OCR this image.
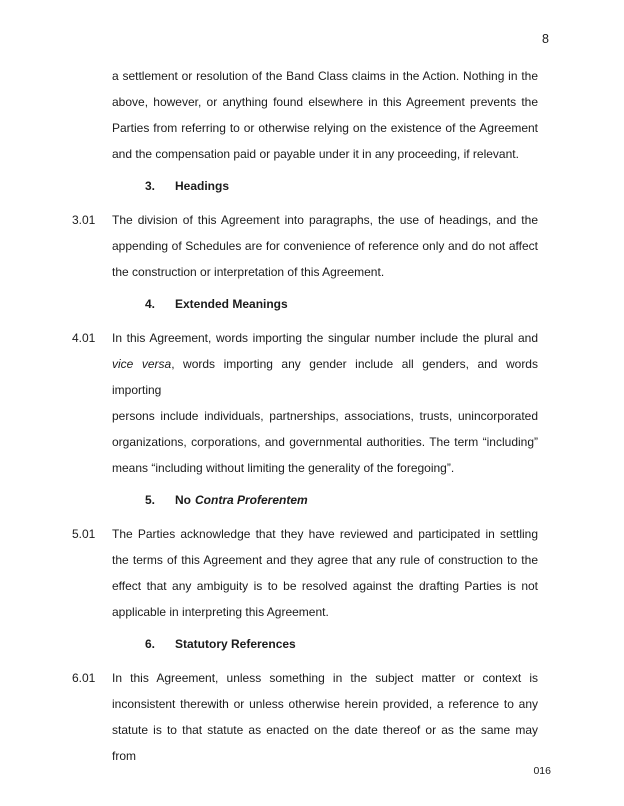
8
a settlement or resolution of the Band Class claims in the Action. Nothing in the
above, however, or anything found elsewhere in this Agreement prevents the
Parties from referring to or otherwise relying on the existence of the Agreement
and the compensation paid or payable under it in any proceeding, if relevant.
3. Headings
3.01 The division of this Agreement into paragraphs, the use of headings, and the
appending of Schedules are for convenience of reference only and do not affect
the construction or interpretation of this Agreement.
4. Extended Meanings
4.01 In this Agreement, words importing the singular number include the plural and
vice versa, words importing any gender include all genders, and words importing
persons include individuals, partnerships, associations, trusts, unincorporated
organizations, corporations, and governmental authorities. The term “including”
means “including without limiting the generality of the foregoing”.
5. No Contra Proferentem
5.01 The Parties acknowledge that they have reviewed and participated in settling
the terms of this Agreement and they agree that any rule of construction to the
effect that any ambiguity is to be resolved against the drafting Parties is not
applicable in interpreting this Agreement.
6. Statutory References
6.01 In this Agreement, unless something in the subject matter or context is
inconsistent therewith or unless otherwise herein provided, a reference to any
statute is to that statute as enacted on the date thereof or as the same may from
016
